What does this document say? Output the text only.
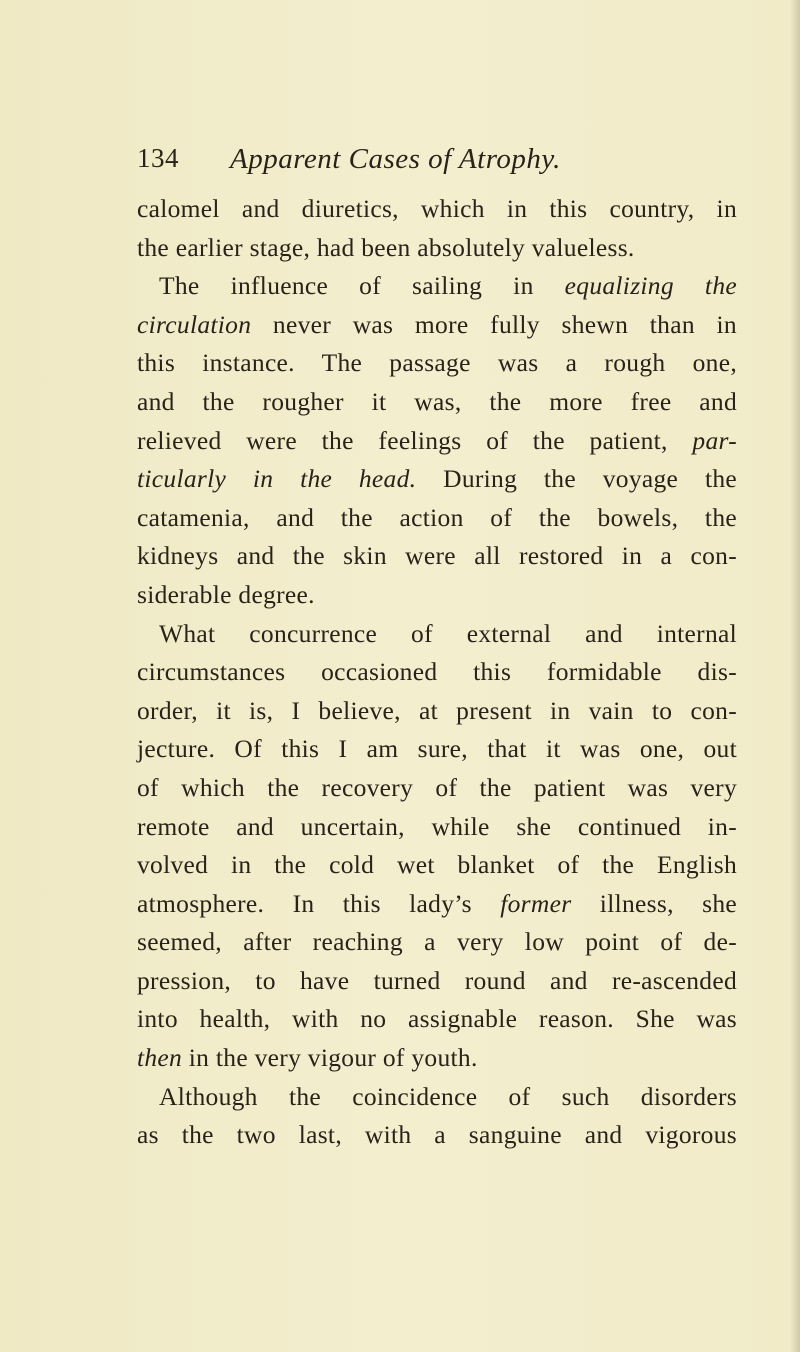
134 Apparent Cases of Atrophy.
calomel and diuretics, which in this country, in
the earlier stage, had been absolutely valueless.
The influence of sailing in equalizing the
circulation never was more fully shewn than in
this instance. The passage was a rough one,
and the rougher it was, the more free and
relieved were the feelings of the patient, par-
ticularly in the head. During the voyage the
catamenia, and the action of the bowels, the
kidneys and the skin were all restored in a con-
siderable degree.
What concurrence of external and internal
circumstances occasioned this formidable dis-
order, it is, I believe, at present in vain to con-
jecture. Of this I am sure, that it was one, out
of which the recovery of the patient was very
remote and uncertain, while she continued in-
volved in the cold wet blanket of the English
atmosphere. In this lady’s former illness, she
seemed, after reaching a very low point of de-
pression, to have turned round and re-ascended
into health, with no assignable reason. She was
then in the very vigour of youth.
Although the coincidence of such disorders
as the two last, with a sanguine and vigorous
